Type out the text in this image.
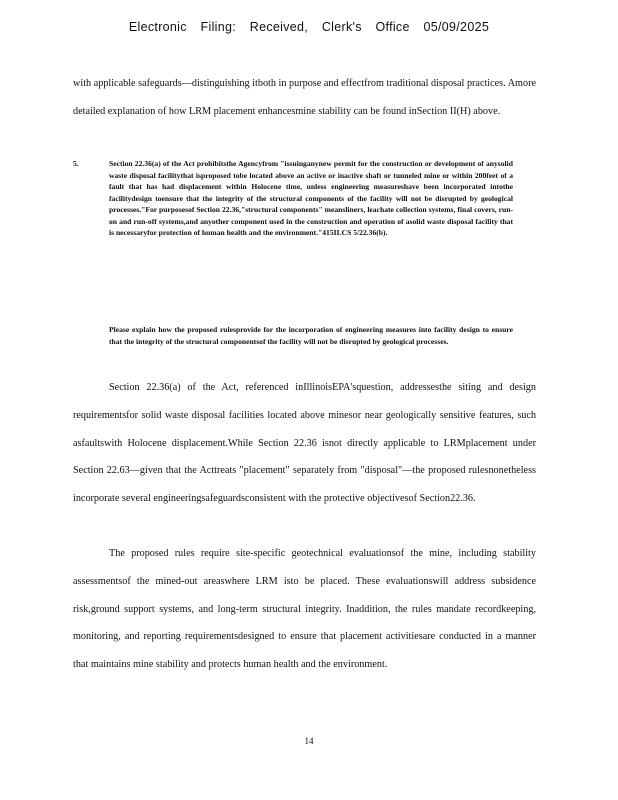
Electronic Filing: Received, Clerk's Office 05/09/2025

with applicable safeguards—distinguishing itboth in purpose and effectfrom traditional disposal practices. Amore detailed explanation of how LRM placement enhancesmine stability can be found inSection II(H) above.

5.	Section 22.36(a) of the Act prohibitsthe Agencyfrom "issuinganynew permit for the construction or development of anysolid waste disposal facilitythat isproposed tobe located above an active or inactive shaft or tunneled mine or within 200feet of a fault that has had displacement within Holocene time, unless engineering measureshave been incorporated intothe facilitydesign toensure that the integrity of the structural components of the facility will not be disrupted by geological processes."For purposesof Section 22.36,"structural components" meansliners, leachate collection systems, final covers, run-on and run-off systems,and anyother component used in the construction and operation of asolid waste disposal facility that is necessaryfor protection of human health and the environment."415ILCS 5/22.36(b).

Please explain how the proposed rulesprovide for the incorporation of engineering measures into facility design to ensure that the integrity of the structural componentsof the facility will not be disrupted by geological processes.

Section 22.36(a) of the Act, referenced inIllinoisEPA'squestion, addressesthe siting and design requirementsfor solid waste disposal facilities located above minesor near geologically sensitive features, such asfaultswith Holocene displacement.While Section 22.36 isnot directly applicable to LRMplacement under Section 22.63—given that the Acttreats "placement" separately from "disposal"—the proposed rulesnonetheless incorporate several engineeringsafeguardsconsistent with the protective objectivesof Section22.36.

The proposed rules require site-specific geotechnical evaluationsof the mine, including stability assessmentsof the mined-out areaswhere LRM isto be placed. These evaluationswill address subsidence risk,ground support systems, and long-term structural integrity. Inaddition, the rules mandate recordkeeping, monitoring, and reporting requirementsdesigned to ensure that placement activitiesare conducted in a manner that maintains mine stability and protects human health and the environment.

14
